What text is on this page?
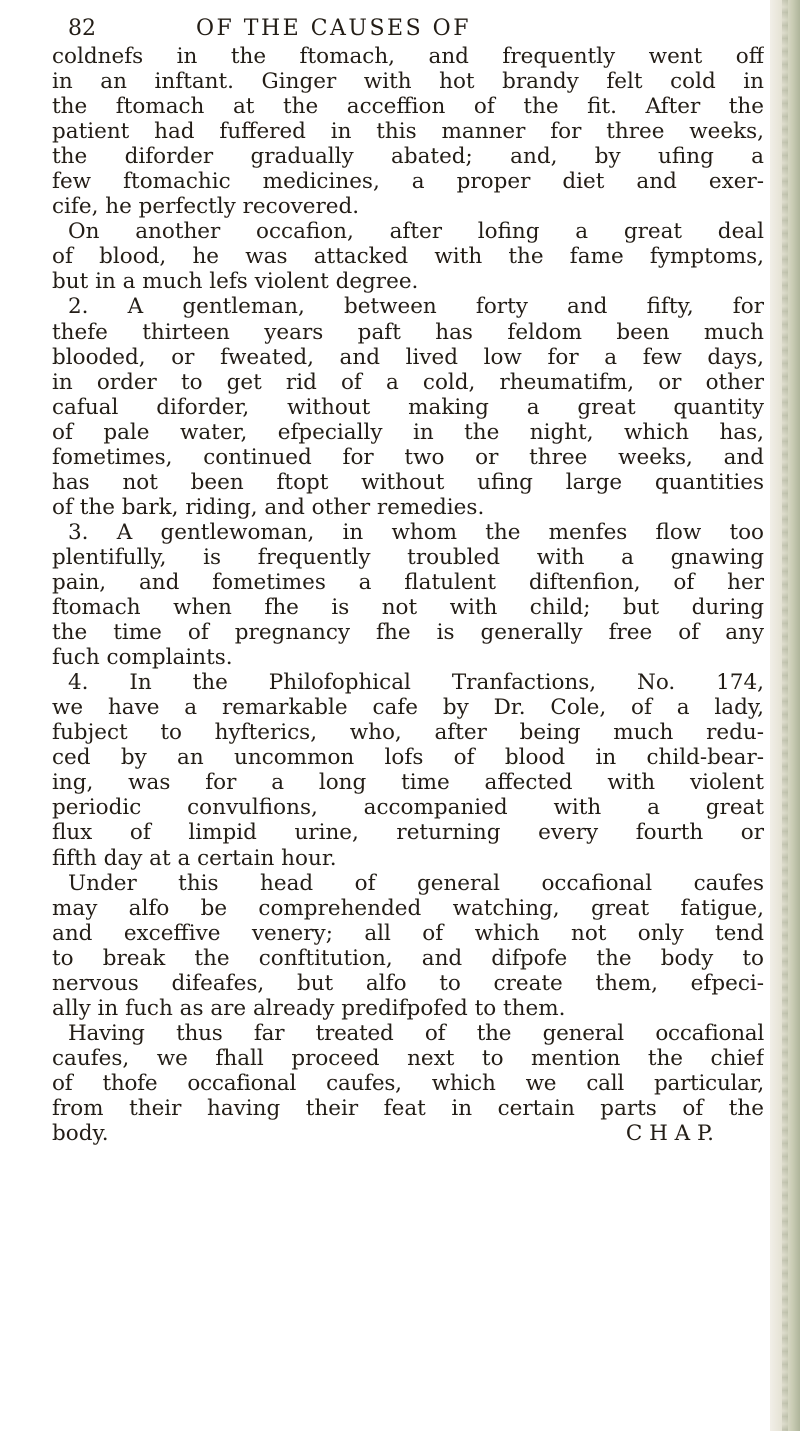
82	OF THE CAUSES OF
coldnefs in the ftomach, and frequently went off
in an inftant. Ginger with hot brandy felt cold in
the ftomach at the acceffion of the fit. After the
patient had fuffered in this manner for three weeks,
the diforder gradually abated; and, by ufing a
few ftomachic medicines, a proper diet and exer-
cife, he perfectly recovered.
On another occafion, after lofing a great deal
of blood, he was attacked with the fame fymptoms,
but in a much lefs violent degree.
2. A gentleman, between forty and fifty, for
thefe thirteen years paft has feldom been much
blooded, or fweated, and lived low for a few days,
in order to get rid of a cold, rheumatifm, or other
cafual diforder, without making a great quantity
of pale water, efpecially in the night, which has,
fometimes, continued for two or three weeks, and
has not been ftopt without ufing large quantities
of the bark, riding, and other remedies.
3. A gentlewoman, in whom the menfes flow too
plentifully, is frequently troubled with a gnawing
pain, and fometimes a flatulent diftenfion, of her
ftomach when fhe is not with child; but during
the time of pregnancy fhe is generally free of any
fuch complaints.
4. In the Philofophical Tranfactions, No. 174,
we have a remarkable cafe by Dr. Cole, of a lady,
fubject to hyfterics, who, after being much redu-
ced by an uncommon lofs of blood in child-bear-
ing, was for a long time affected with violent
periodic convulfions, accompanied with a great
flux of limpid urine, returning every fourth or
fifth day at a certain hour.
Under this head of general occafional caufes
may alfo be comprehended watching, great fatigue,
and exceffive venery; all of which not only tend
to break the conftitution, and difpofe the body to
nervous difeafes, but alfo to create them, efpeci-
ally in fuch as are already predifpofed to them.
Having thus far treated of the general occafional
caufes, we fhall proceed next to mention the chief
of thofe occafional caufes, which we call particular,
from their having their feat in certain parts of the
body.	C H A P.
